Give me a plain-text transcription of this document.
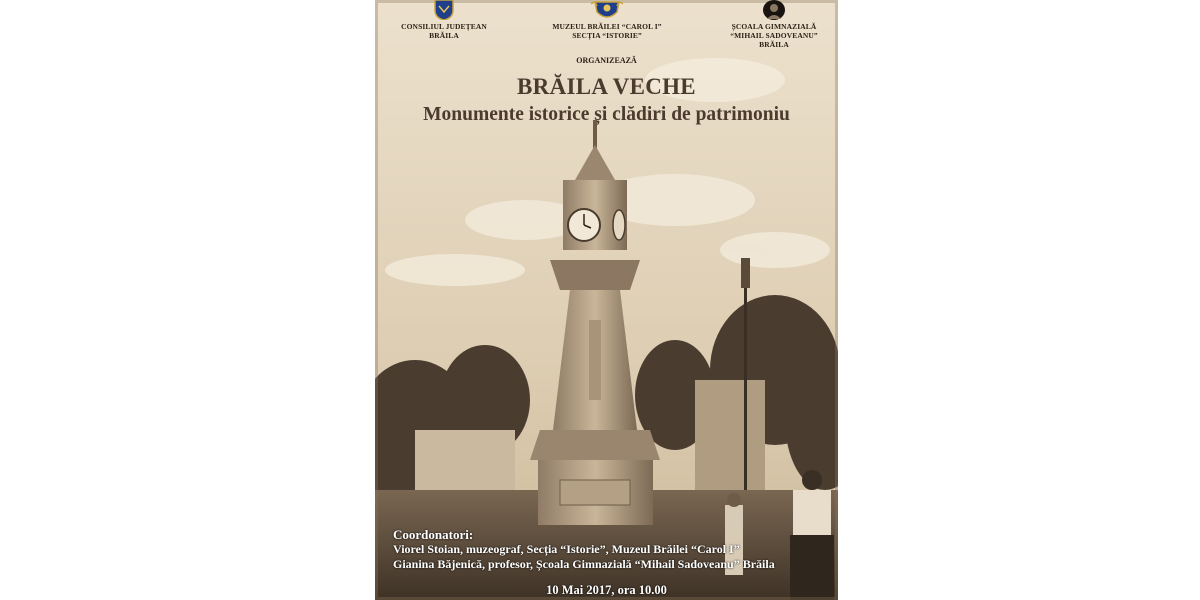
CONSILIUL JUDEȚEAN
BRĂILA
MUZEUL BRĂILEI “CAROL I”
SECȚIA “ISTORIE”
ȘCOALA GIMNAZIALĂ
“MIHAIL SADOVEANU” BRĂILA
ORGANIZEAZĂ
BRĂILA VECHE
Monumente istorice și clădiri de patrimoniu
Coordonatori:
Viorel Stoian, muzeograf, Secția “Istorie”, Muzeul Brăilei “Carol I”
Gianina Băjenică, profesor, Școala Gimnazială “Mihail Sadoveanu” Brăila
10 Mai 2017, ora 10.00
